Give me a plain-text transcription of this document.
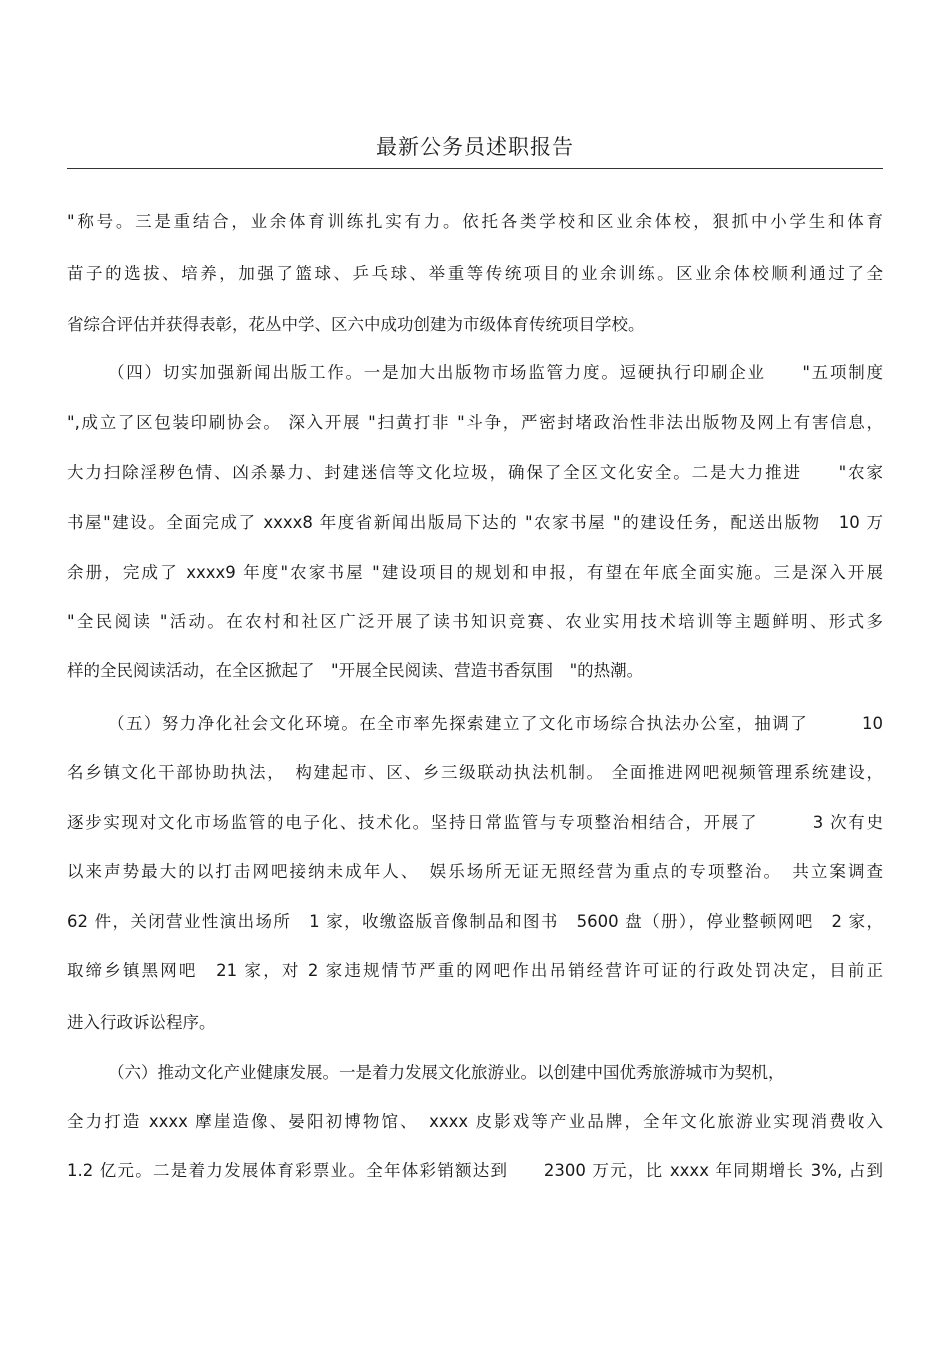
最新公务员述职报告
"称号。三是重结合，业余体育训练扎实有力。依托各类学校和区业余体校，狠抓中小学生和体育
苗子的选拔、培养，加强了篮球、乒乓球、举重等传统项目的业余训练。区业余体校顺利通过了全
省综合评估并获得表彰，花丛中学、区六中成功创建为市级体育传统项目学校。
（四）切实加强新闻出版工作。一是加大出版物市场监管力度。逗硬执行印刷企业　　"五项制度
",成立了区包装印刷协会。 深入开展 "扫黄打非 "斗争，严密封堵政治性非法出版物及网上有害信息，
大力扫除淫秽色情、凶杀暴力、封建迷信等文化垃圾，确保了全区文化安全。二是大力推进　　"农家
书屋"建设。全面完成了 xxxx8 年度省新闻出版局下达的 "农家书屋 "的建设任务，配送出版物　10 万
余册，完成了 xxxx9 年度"农家书屋 "建设项目的规划和申报，有望在年底全面实施。三是深入开展
"全民阅读 "活动。在农村和社区广泛开展了读书知识竞赛、农业实用技术培训等主题鲜明、形式多
样的全民阅读活动，在全区掀起了　"开展全民阅读、营造书香氛围　"的热潮。
（五）努力净化社会文化环境。在全市率先探索建立了文化市场综合执法办公室，抽调了　　　10
名乡镇文化干部协助执法，　构建起市、区、乡三级联动执法机制。 全面推进网吧视频管理系统建设，
逐步实现对文化市场监管的电子化、技术化。坚持日常监管与专项整治相结合，开展了　　　3 次有史
以来声势最大的以打击网吧接纳未成年人、　娱乐场所无证无照经营为重点的专项整治。　共立案调查
62 件，关闭营业性演出场所　1 家，收缴盗版音像制品和图书　5600 盘（册），停业整顿网吧　2 家，
取缔乡镇黑网吧　21 家，对 2 家违规情节严重的网吧作出吊销经营许可证的行政处罚决定，目前正
进入行政诉讼程序。
（六）推动文化产业健康发展。一是着力发展文化旅游业。以创建中国优秀旅游城市为契机，
全力打造 xxxx 摩崖造像、晏阳初博物馆、　xxxx 皮影戏等产业品牌，全年文化旅游业实现消费收入
1.2 亿元。二是着力发展体育彩票业。全年体彩销额达到　　2300 万元，比 xxxx 年同期增长 3%, 占到
